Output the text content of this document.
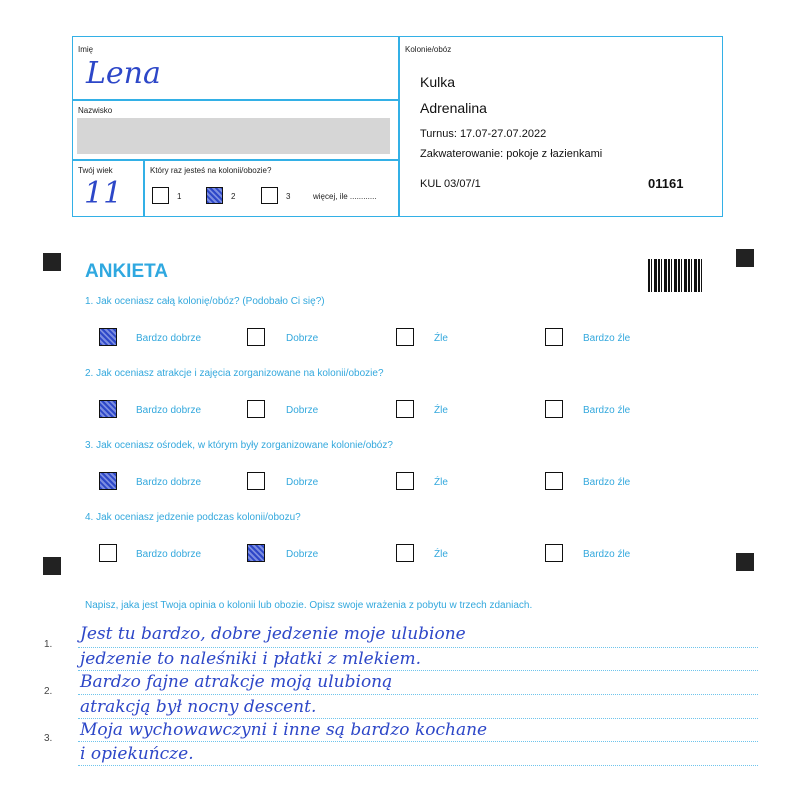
Imię
Lena
Nazwisko
Twój wiek
11
Który raz jesteś na kolonii/obozie?
1	2	3	więcej, ile ............
Kolonie/obóz
Kulka
Adrenalina
Turnus: 17.07-27.07.2022
Zakwaterowanie: pokoje z łazienkami
KUL 03/07/1	01161
ANKIETA
1. Jak oceniasz całą kolonię/obóz? (Podobało Ci się?)
Bardzo dobrze	Dobrze	Źle	Bardzo źle
2. Jak oceniasz atrakcje i zajęcia zorganizowane na kolonii/obozie?
Bardzo dobrze	Dobrze	Źle	Bardzo źle
3. Jak oceniasz ośrodek, w którym były zorganizowane kolonie/obóz?
Bardzo dobrze	Dobrze	Źle	Bardzo źle
4. Jak oceniasz jedzenie podczas kolonii/obozu?
Bardzo dobrze	Dobrze	Źle	Bardzo źle
Napisz, jaka jest Twoja opinia o kolonii lub obozie. Opisz swoje wrażenia z pobytu w trzech zdaniach.
1.
2.
3.
Jest tu bardzo, dobre jedzenie moje ulubione
jedzenie to naleśniki i płatki z mlekiem.
Bardzo fajne atrakcje moją ulubioną
atrakcją był nocny descent.
Moja wychowawczyni i inne są bardzo kochane
i opiekuńcze.
